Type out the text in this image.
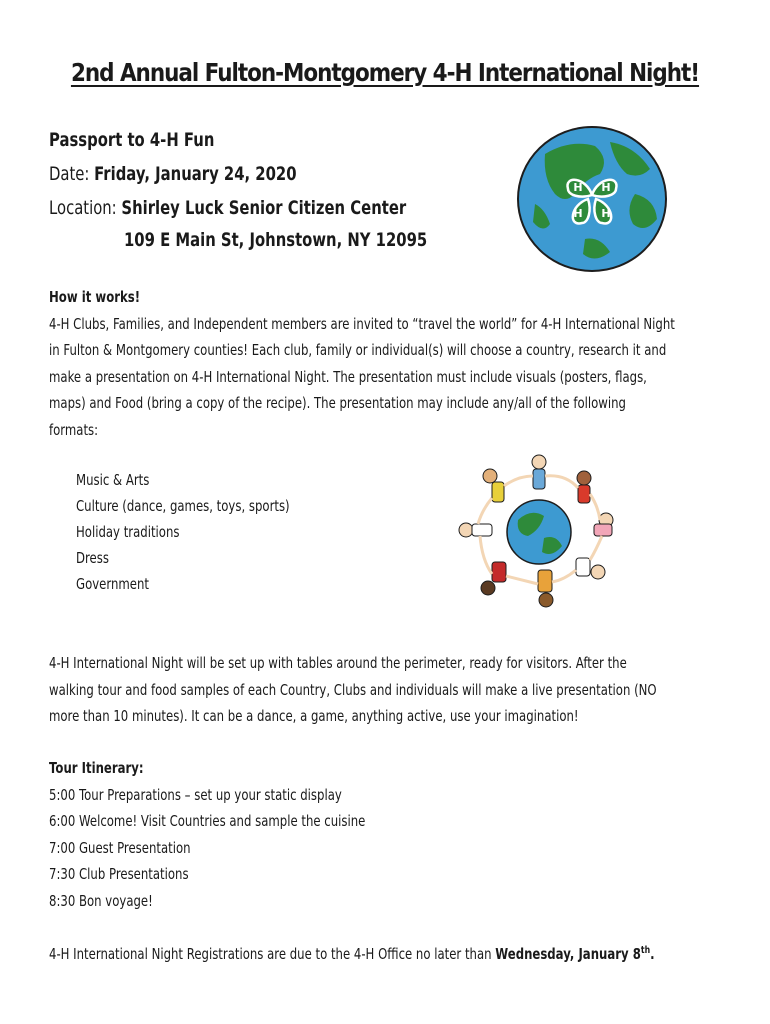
2nd Annual Fulton-Montgomery 4-H International Night!
Passport to 4-H Fun
Date: Friday, January 24, 2020
Location: Shirley Luck Senior Citizen Center
109 E Main St, Johnstown, NY 12095
H H
H H

How it works!

4-H Clubs, Families, and Independent members are invited to “travel the world” for 4-H International Night

in Fulton & Montgomery counties! Each club, family or individual(s) will choose a country, research it and

make a presentation on 4-H International Night. The presentation must include visuals (posters, flags,

maps) and Food (bring a copy of the recipe). The presentation may include any/all of the following

formats:

Music & Arts
Culture (dance, games, toys, sports)
Holiday traditions
Dress
Government

4-H International Night will be set up with tables around the perimeter, ready for visitors. After the

walking tour and food samples of each Country, Clubs and individuals will make a live presentation (NO

more than 10 minutes). It can be a dance, a game, anything active, use your imagination!

Tour Itinerary:

5:00 Tour Preparations – set up your static display

6:00 Welcome! Visit Countries and sample the cuisine

7:00 Guest Presentation

7:30 Club Presentations

8:30 Bon voyage!

4-H International Night Registrations are due to the 4-H Office no later than Wednesday, January 8th.
